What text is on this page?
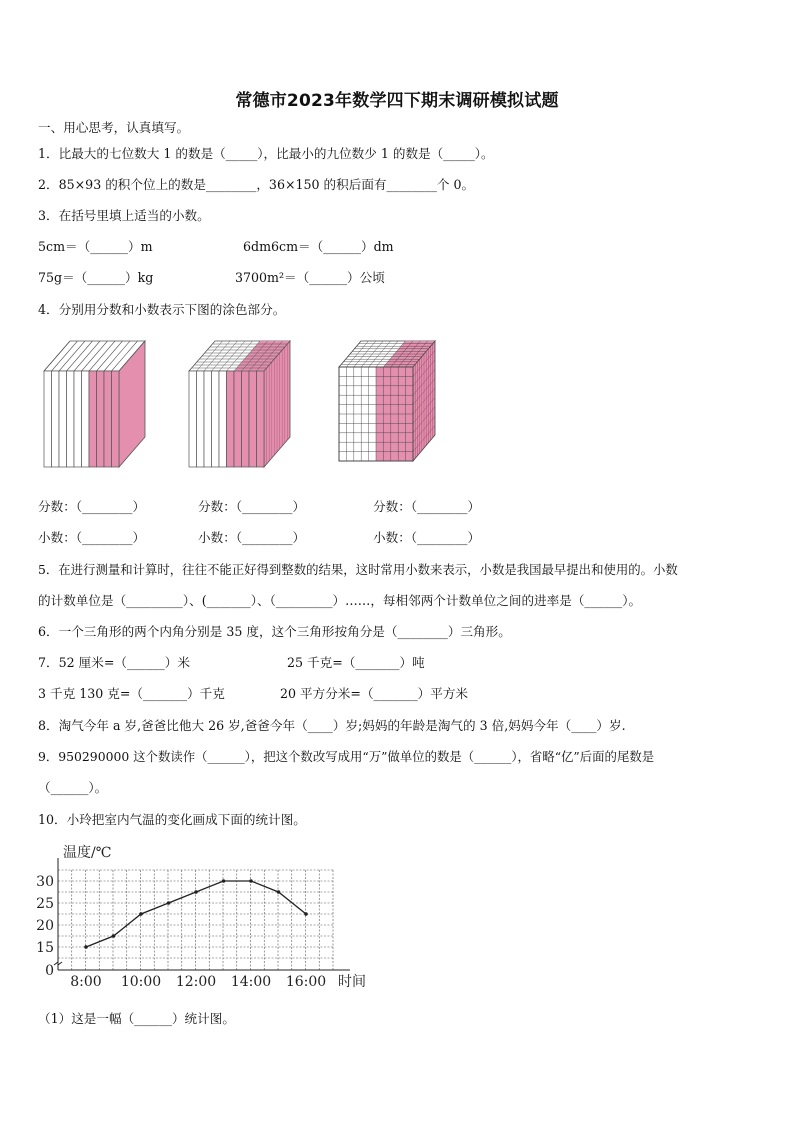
常德市2023年数学四下期末调研模拟试题
一、用心思考，认真填写。
1．比最大的七位数大 1 的数是（_____），比最小的九位数少 1 的数是（_____）。
2．85×93 的积个位上的数是________，36×150 的积后面有________个 0。
3．在括号里填上适当的小数。
5cm＝（______）m	6dm6cm＝（______）dm
75g＝（______）kg	3700m²＝（______）公顷
4．分别用分数和小数表示下图的涂色部分。
分数：（________）	分数：（________）	分数：（________）
小数：（________）	小数：（________）	小数：（________）
5．在进行测量和计算时，往往不能正好得到整数的结果，这时常用小数来表示，小数是我国最早提出和使用的。小数
的计数单位是（_________）、(_______）、（_________）……，每相邻两个计数单位之间的进率是（______）。
6．一个三角形的两个内角分别是 35 度，这个三角形按角分是（________）三角形。
7．52 厘米=（______）米	25 千克=（_______）吨
3 千克 130 克=（_______）千克	20 平方分米=（_______）平方米
8．淘气今年 a 岁,爸爸比他大 26 岁,爸爸今年（____）岁;妈妈的年龄是淘气的 3 倍,妈妈今年（____）岁.
9．950290000 这个数读作（______），把这个数改写成用“万”做单位的数是（______），省略“亿”后面的尾数是
（______）。
10．小玲把室内气温的变化画成下面的统计图。
0
15
20
25
30
8:00 10:00 12:00 14:00 16:00
温度/℃
时间
（1）这是一幅（______）统计图。
